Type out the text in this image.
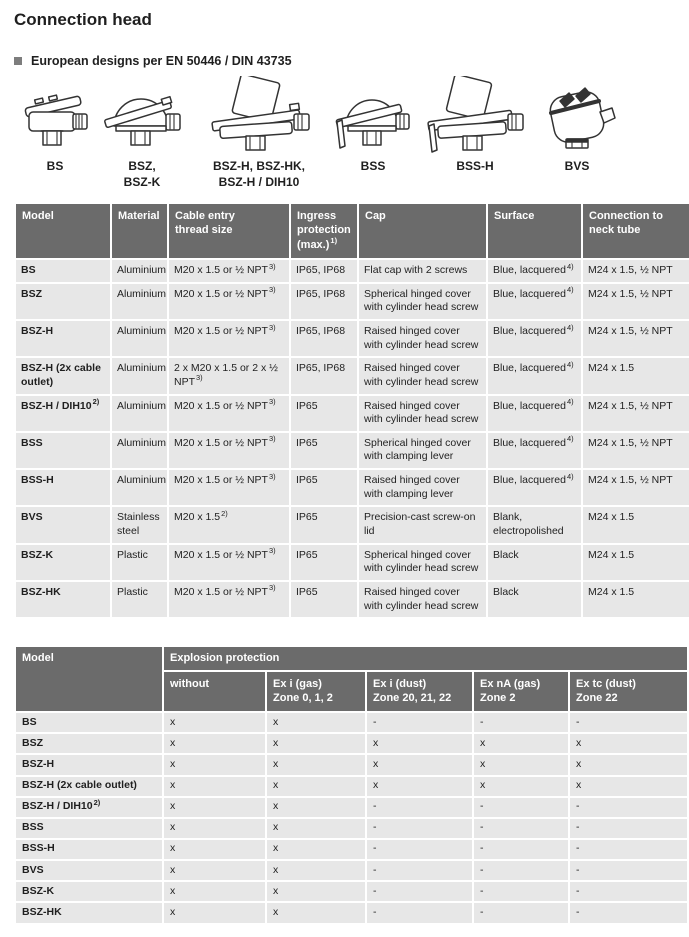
Connection head
European designs per EN 50446 / DIN 43735
BS	BSZ,
BSZ-K
BSZ-H, BSZ-HK,
BSZ-H / DIH10
BSS	BSS-H	BVS
Model	Material	Cable entry
thread size
	Ingress protection $(\max.)^{1)}$	Cap	Surface	Connection to
neck tube

BS	Aluminium	M20 x 1.5 or ½ NPT$^{3)}$	IP65, IP68	Flat cap with 2 screws	Blue, lacquered$^{4)}$	M24 x 1.5, ½ NPT
BSZ	Aluminium	M20 x 1.5 or ½ NPT$^{3)}$	IP65, IP68	Spherical hinged cover with cylinder head screw	Blue, lacquered$^{4)}$	M24 x 1.5, ½ NPT
BSZ-H	Aluminium	M20 x 1.5 or ½ NPT$^{3)}$	IP65, IP68	Raised hinged cover with cylinder head screw	Blue, lacquered$^{4)}$	M24 x 1.5, ½ NPT
BSZ-H (2x cable outlet)	Aluminium	2 x M20 x 1.5 or 2 x ½ NPT$^{3)}$	IP65, IP68	Raised hinged cover with cylinder head screw	Blue, lacquered$^{4)}$	M24 x 1.5
BSZ-H / DIH10$^{2)}$	Aluminium	M20 x 1.5 or ½ NPT$^{3)}$	IP65	Raised hinged cover with cylinder head screw	Blue, lacquered$^{4)}$	M24 x 1.5, ½ NPT
BSS	Aluminium	M20 x 1.5 or ½ NPT$^{3)}$	IP65	Spherical hinged cover with clamping lever	Blue, lacquered$^{4)}$	M24 x 1.5, ½ NPT
BSS-H	Aluminium	M20 x 1.5 or ½ NPT$^{3)}$	IP65	Raised hinged cover with clamping lever	Blue, lacquered$^{4)}$	M24 x 1.5, ½ NPT
BVS	Stainless steel	M20 x 1.5$^{2)}$	IP65	Precision-cast screw-on lid	Blank, electropolished	M24 x 1.5
BSZ-K	Plastic	M20 x 1.5 or ½ NPT$^{3)}$	IP65	Spherical hinged cover with cylinder head screw	Black	M24 x 1.5
BSZ-HK	Plastic	M20 x 1.5 or ½ NPT$^{3)}$	IP65	Raised hinged cover with cylinder head screw	Black	M24 x 1.5
Model	Explosion protection				

without	Ex i (gas)
Zone 0, 1, 2

Ex i (dust)
Zone 20, 21, 22

Ex nA (gas)
Zone 2

Ex tc (dust)
Zone 22

BS	x	x	-	-	-
BSZ	x	x	x	x	x
BSZ-H	x	x	x	x	x
BSZ-H (2x cable outlet)	x	x	x	x	x
BSZ-H / DIH10$^{2)}$	x	x	-	-	-
BSS	x	x	-	-	-
BSS-H	x	x	-	-	-
BVS	x	x	-	-	-
BSZ-K	x	x	-	-	-
BSZ-HK	x	x	-	-	-
